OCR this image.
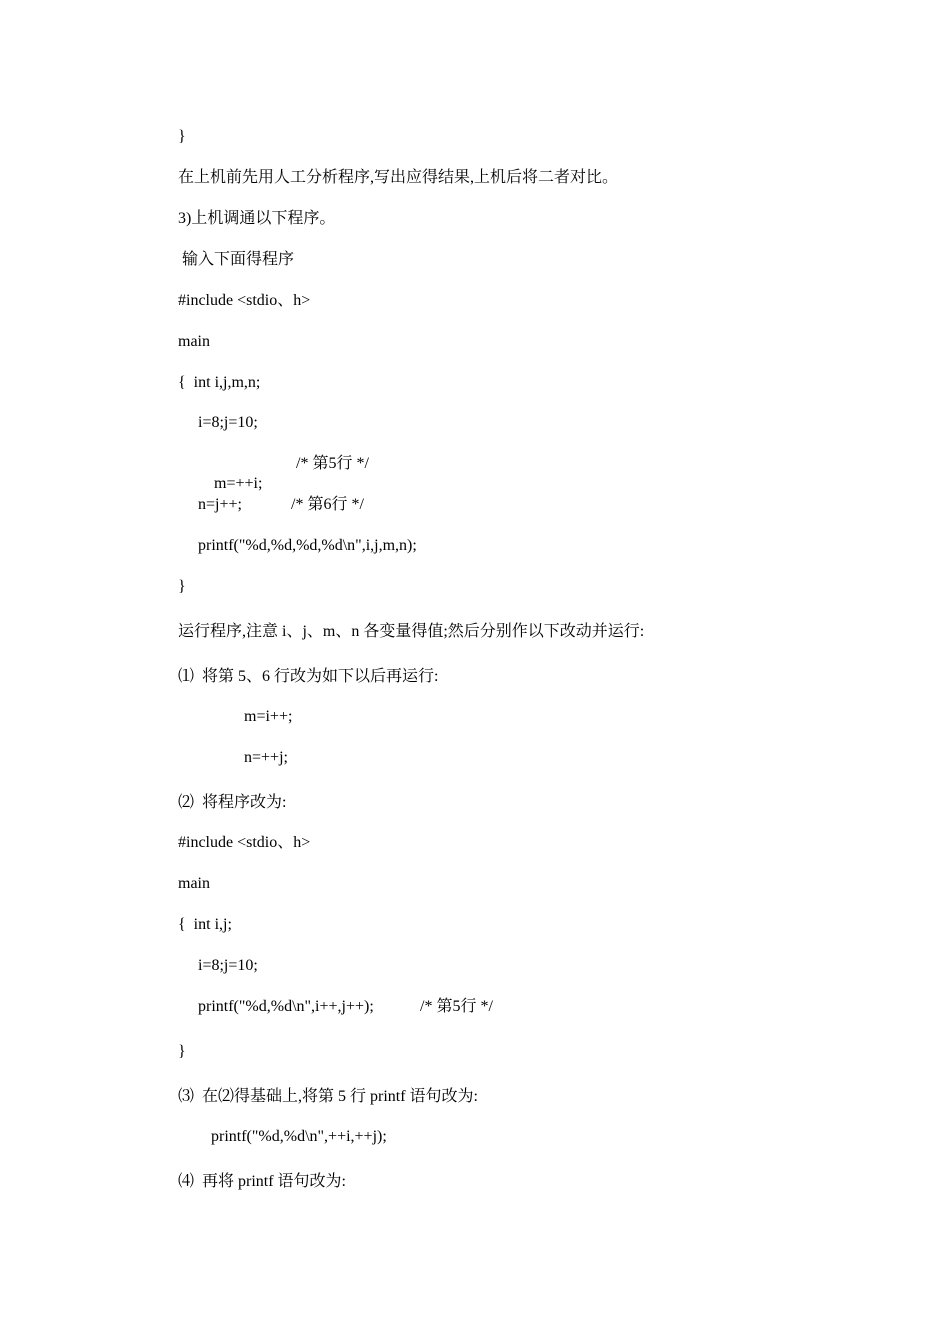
}
在上机前先用人工分析程序,写出应得结果,上机后将二者对比。
3)上机调通以下程序。
输入下面得程序
#include <stdio、h>
main
{  int i,j,m,n;
i=8;j=10;

m=++i;

/* 第5行 */
n=j++;	/* 第6行 */
printf("%d,%d,%d,%d\n",i,j,m,n);
}
运行程序,注意 i、j、m、n 各变量得值;然后分别作以下改动并运行:
⑴  将第 5、6 行改为如下以后再运行:
m=i++;
n=++j;
⑵  将程序改为:
#include <stdio、h>
main
{  int i,j;
i=8;j=10;
printf("%d,%d\n",i++,j++);	/* 第5行 */
}
⑶  在⑵得基础上,将第 5 行 printf 语句改为:
printf("%d,%d\n",++i,++j);
⑷  再将 printf 语句改为:
